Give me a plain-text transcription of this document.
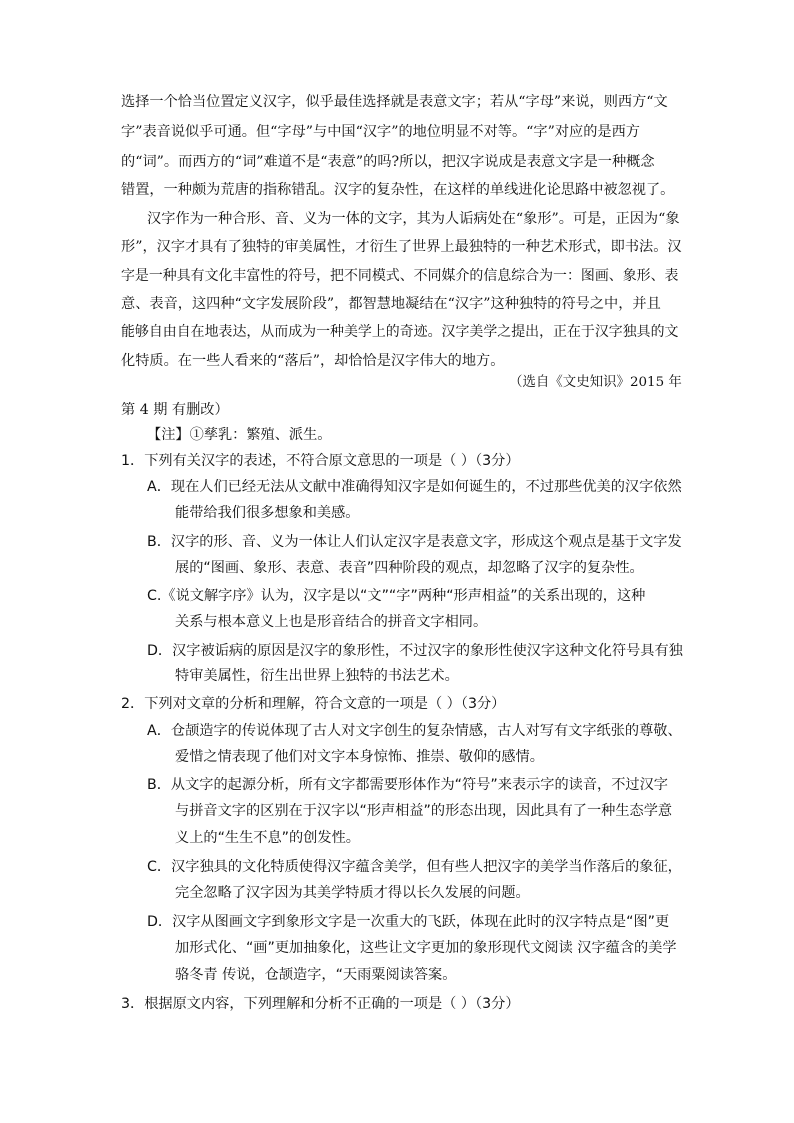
选择一个恰当位置定义汉字，似乎最佳选择就是表意文字；若从“字母”来说，则西方“文
字”表音说似乎可通。但“字母”与中国“汉字”的地位明显不对等。“字”对应的是西方
的“词”。而西方的“词”难道不是“表意”的吗?所以，把汉字说成是表意文字是一种概念
错置，一种颇为荒唐的指称错乱。汉字的复杂性，在这样的单线进化论思路中被忽视了。
汉字作为一种合形、音、义为一体的文字，其为人诟病处在“象形”。可是，正因为“象
形”，汉字才具有了独特的审美属性，才衍生了世界上最独特的一种艺术形式，即书法。汉
字是一种具有文化丰富性的符号，把不同模式、不同媒介的信息综合为一：图画、象形、表
意、表音，这四种“文字发展阶段”，都智慧地凝结在“汉字”这种独特的符号之中，并且
能够自由自在地表达，从而成为一种美学上的奇迹。汉字美学之提出，正在于汉字独具的文
化特质。在一些人看来的“落后”，却恰恰是汉字伟大的地方。
（选自《文史知识》2015 年
第 4 期 有删改）
【注】①孳乳：繁殖、派生。
1．下列有关汉字的表述，不符合原文意思的一项是（ ）（3分）
A．现在人们已经无法从文献中准确得知汉字是如何诞生的，不过那些优美的汉字依然
能带给我们很多想象和美感。
B．汉字的形、音、义为一体让人们认定汉字是表意文字，形成这个观点是基于文字发
展的“图画、象形、表意、表音”四种阶段的观点，却忽略了汉字的复杂性。
C.《说文解字序》认为，汉字是以“文”“字”两种“形声相益”的关系出现的，这种
关系与根本意义上也是形音结合的拼音文字相同。
D．汉字被诟病的原因是汉字的象形性，不过汉字的象形性使汉字这种文化符号具有独
特审美属性，衍生出世界上独特的书法艺术。
2．下列对文章的分析和理解，符合文意的一项是（ ）（3分）
A．仓颉造字的传说体现了古人对文字创生的复杂情感，古人对写有文字纸张的尊敬、
爱惜之情表现了他们对文字本身惊怖、推崇、敬仰的感情。
B．从文字的起源分析，所有文字都需要形体作为“符号”来表示字的读音，不过汉字
与拼音文字的区别在于汉字以“形声相益”的形态出现，因此具有了一种生态学意
义上的“生生不息”的创发性。
C．汉字独具的文化特质使得汉字蕴含美学，但有些人把汉字的美学当作落后的象征，
完全忽略了汉字因为其美学特质才得以长久发展的问题。
D．汉字从图画文字到象形文字是一次重大的飞跃，体现在此时的汉字特点是“图”更
加形式化、“画”更加抽象化，这些让文字更加的象形现代文阅读 汉字蕴含的美学
骆冬青 传说，仓颉造字，“天雨粟阅读答案。
3．根据原文内容，下列理解和分析不正确的一项是（ ）（3分）
